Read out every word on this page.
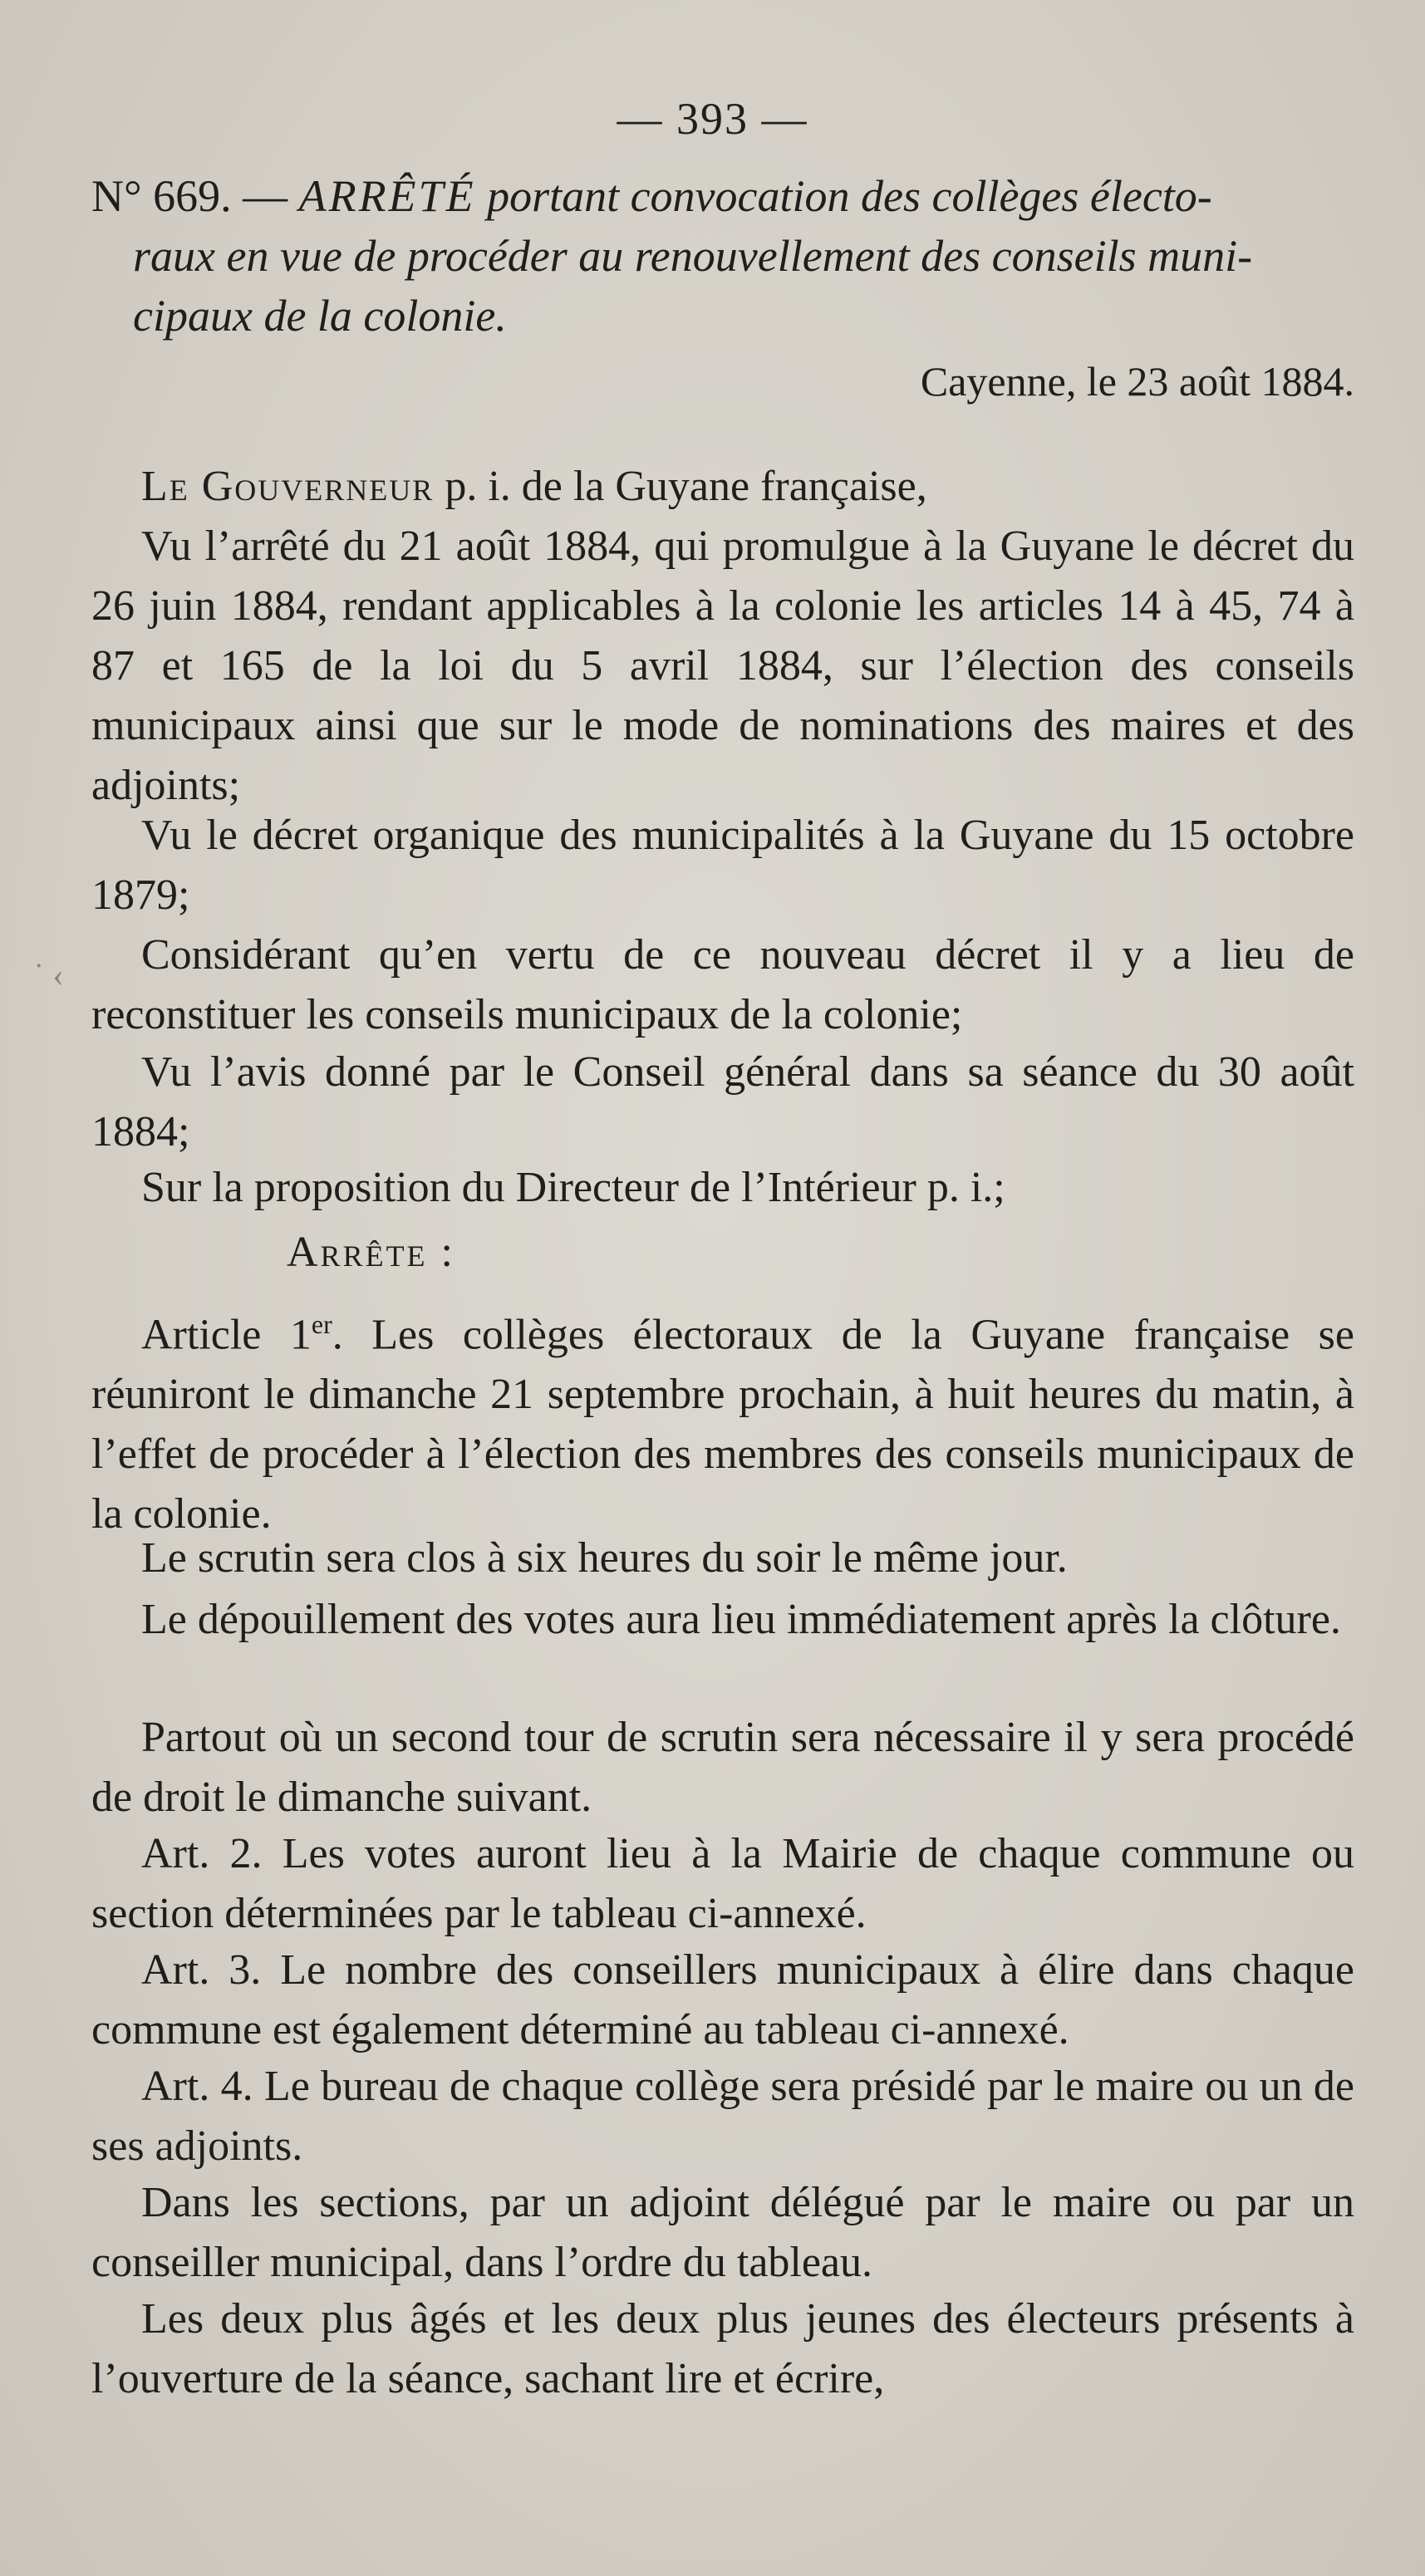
— 393 —
N° 669. — ARRÊTÉ portant convocation des collèges électo-
raux en vue de procéder au renouvellement des conseils muni-
cipaux de la colonie.
Cayenne, le 23 août 1884.
Le Gouverneur p. i. de la Guyane française,
Vu l’arrêté du 21 août 1884, qui promulgue à la Guyane le décret du 26 juin 1884, rendant applicables à la colonie les articles 14 à 45, 74 à 87 et 165 de la loi du 5 avril 1884, sur l’élection des conseils municipaux ainsi que sur le mode de nominations des maires et des adjoints;
Vu le décret organique des municipalités à la Guyane du 15 octobre 1879;
Considérant qu’en vertu de ce nouveau décret il y a lieu de reconstituer les conseils municipaux de la colonie;
Vu l’avis donné par le Conseil général dans sa séance du 30 août 1884;
Sur la proposition du Directeur de l’Intérieur p. i.;
Arrête :
Article 1er. Les collèges électoraux de la Guyane française se réuniront le dimanche 21 septembre prochain, à huit heures du matin, à l’effet de procéder à l’élection des membres des conseils municipaux de la colonie.
Le scrutin sera clos à six heures du soir le même jour.
Le dépouillement des votes aura lieu immédiatement après la clôture.
Partout où un second tour de scrutin sera nécessaire il y sera procédé de droit le dimanche suivant.
Art. 2. Les votes auront lieu à la Mairie de chaque commune ou section déterminées par le tableau ci-annexé.
Art. 3. Le nombre des conseillers municipaux à élire dans chaque commune est également déterminé au tableau ci-annexé.
Art. 4. Le bureau de chaque collège sera présidé par le maire ou un de ses adjoints.
Dans les sections, par un adjoint délégué par le maire ou par un conseiller municipal, dans l’ordre du tableau.
Les deux plus âgés et les deux plus jeunes des électeurs présents à l’ouverture de la séance, sachant lire et écrire,
˙ ‹
